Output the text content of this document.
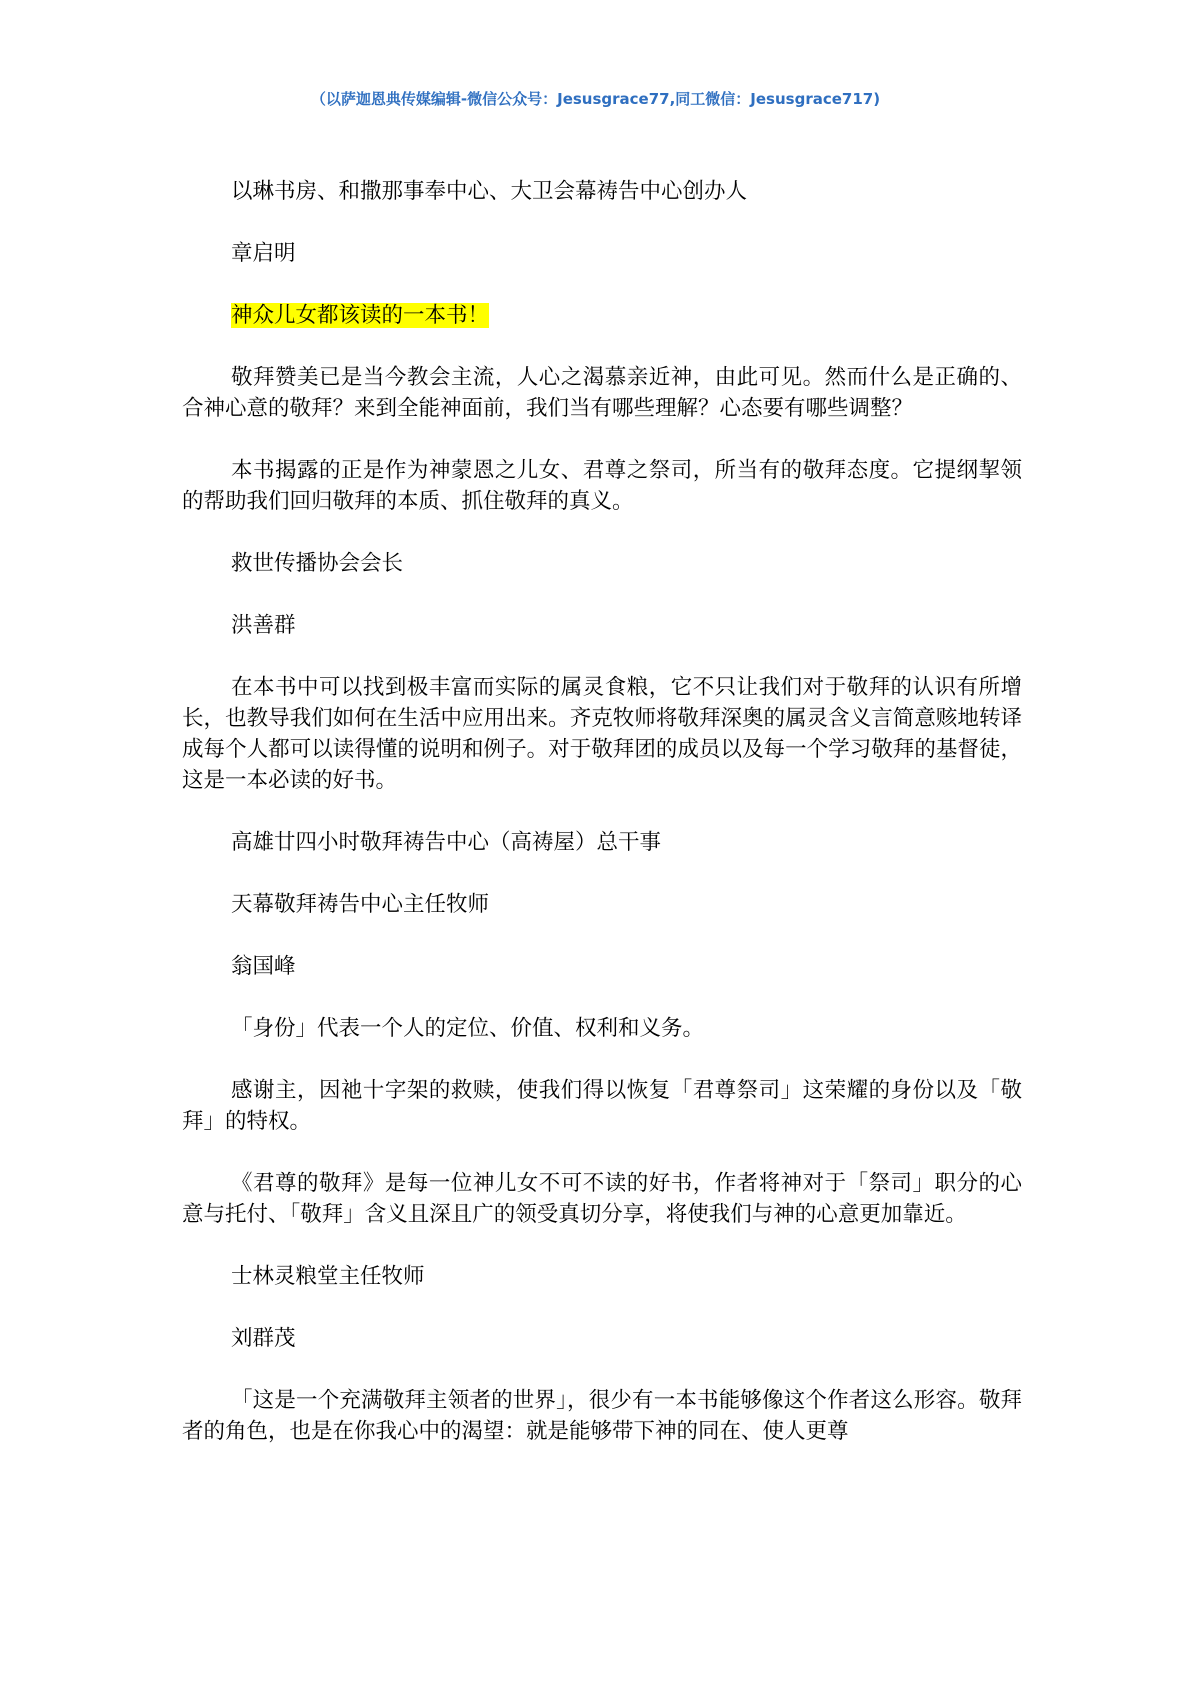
（以萨迦恩典传媒编辑-微信公众号：Jesusgrace77,同工微信：Jesusgrace717)

以琳书房、和撒那事奉中心、大卫会幕祷告中心创办人

章启明

神众儿女都该读的一本书！

敬拜赞美已是当今教会主流，人心之渴慕亲近神，由此可见。然而什么是正确的、合神心意的敬拜？来到全能神面前，我们当有哪些理解？心态要有哪些调整？

本书揭露的正是作为神蒙恩之儿女、君尊之祭司，所当有的敬拜态度。它提纲挈领的帮助我们回归敬拜的本质、抓住敬拜的真义。

救世传播协会会长

洪善群

在本书中可以找到极丰富而实际的属灵食粮，它不只让我们对于敬拜的认识有所增长，也教导我们如何在生活中应用出来。齐克牧师将敬拜深奥的属灵含义言简意赅地转译成每个人都可以读得懂的说明和例子。对于敬拜团的成员以及每一个学习敬拜的基督徒，这是一本必读的好书。

高雄廿四小时敬拜祷告中心（高祷屋）总干事

天幕敬拜祷告中心主任牧师

翁国峰

「身份」代表一个人的定位、价值、权利和义务。

感谢主，因祂十字架的救赎，使我们得以恢复「君尊祭司」这荣耀的身份以及「敬拜」的特权。

《君尊的敬拜》是每一位神儿女不可不读的好书，作者将神对于「祭司」职分的心意与托付、「敬拜」含义且深且广的领受真切分享，将使我们与神的心意更加靠近。

士林灵粮堂主任牧师

刘群茂

「这是一个充满敬拜主领者的世界」，很少有一本书能够像这个作者这么形容。敬拜者的角色，也是在你我心中的渴望：就是能够带下神的同在、使人更尊
